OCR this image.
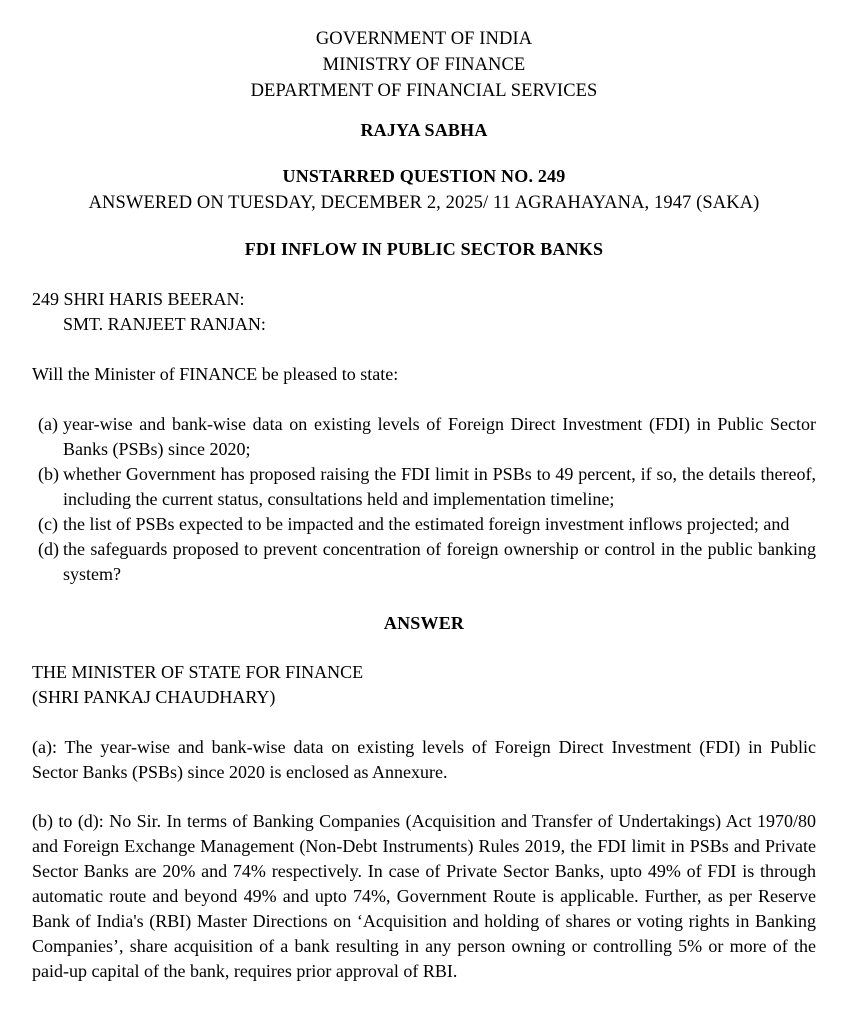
GOVERNMENT OF INDIA
MINISTRY OF FINANCE
DEPARTMENT OF FINANCIAL SERVICES
RAJYA SABHA
UNSTARRED QUESTION NO. 249
ANSWERED ON TUESDAY, DECEMBER 2, 2025/ 11 AGRAHAYANA, 1947 (SAKA)
FDI INFLOW IN PUBLIC SECTOR BANKS
249 SHRI HARIS BEERAN:
SMT. RANJEET RANJAN:
Will the Minister of FINANCE be pleased to state:
(a) year-wise and bank-wise data on existing levels of Foreign Direct Investment (FDI) in Public Sector Banks (PSBs) since 2020;
(b) whether Government has proposed raising the FDI limit in PSBs to 49 percent, if so, the details thereof, including the current status, consultations held and implementation timeline;
(c) the list of PSBs expected to be impacted and the estimated foreign investment inflows projected; and
(d) the safeguards proposed to prevent concentration of foreign ownership or control in the public banking system?
ANSWER
THE MINISTER OF STATE FOR FINANCE
(SHRI PANKAJ CHAUDHARY)
(a): The year-wise and bank-wise data on existing levels of Foreign Direct Investment (FDI) in Public Sector Banks (PSBs) since 2020 is enclosed as Annexure.
(b) to (d): No Sir. In terms of Banking Companies (Acquisition and Transfer of Undertakings) Act 1970/80 and Foreign Exchange Management (Non-Debt Instruments) Rules 2019, the FDI limit in PSBs and Private Sector Banks are 20% and 74% respectively. In case of Private Sector Banks, upto 49% of FDI is through automatic route and beyond 49% and upto 74%, Government Route is applicable. Further, as per Reserve Bank of India's (RBI) Master Directions on ‘Acquisition and holding of shares or voting rights in Banking Companies’, share acquisition of a bank resulting in any person owning or controlling 5% or more of the paid-up capital of the bank, requires prior approval of RBI.
